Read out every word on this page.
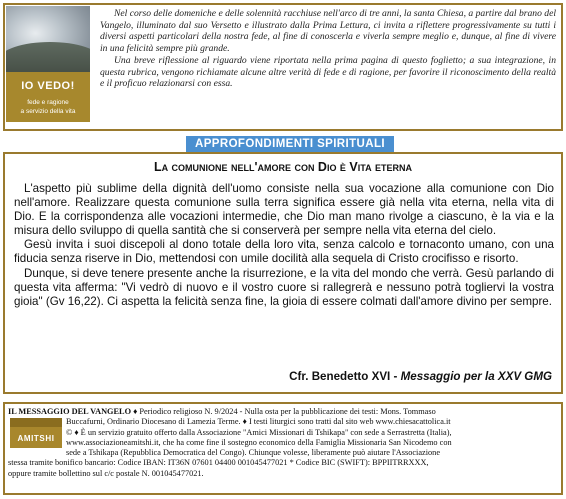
IO VEDO!
fede e ragione
a servizio della vita

Nel corso delle domeniche e delle solennità racchiuse nell'arco di tre anni, la santa Chiesa, a partire dal brano del Vangelo, illuminato dal suo Versetto e illustrato dalla Prima Lettura, ci invita a riflettere progressivamente su tutti i diversi aspetti particolari della nostra fede, al fine di conoscerla e viverla sempre meglio e, dunque, al fine di vivere in una felicità sempre più grande.

Una breve riflessione al riguardo viene riportata nella prima pagina di questo foglietto; a sua integrazione, in questa rubrica, vengono richiamate alcune altre verità di fede e di ragione, per favorire il riconoscimento della realtà e il proficuo relazionarsi con essa.

APPROFONDIMENTI SPIRITUALI
La comunione nell'amore con Dio è Vita eterna

L'aspetto più sublime della dignità dell'uomo consiste nella sua vocazione alla comunione con Dio nell'amore. Realizzare questa comunione sulla terra significa essere già nella vita eterna, nella vita di Dio. E la corrispondenza alle vocazioni intermedie, che Dio man mano rivolge a ciascuno, è la via e la misura dello sviluppo di quella santità che si conserverà per sempre nella vita eterna del cielo.

Gesù invita i suoi discepoli al dono totale della loro vita, senza calcolo e tornaconto umano, con una fiducia senza riserve in Dio, mettendosi con umile docilità alla sequela di Cristo crocifisso e risorto.

Dunque, si deve tenere presente anche la risurrezione, e la vita del mondo che verrà. Gesù parlando di questa vita afferma: "Vi vedrò di nuovo e il vostro cuore si rallegrerà e nessuno potrà togliervi la vostra gioia" (Gv 16,22). Ci aspetta la felicità senza fine, la gioia di essere colmati dall'amore divino per sempre.

Cfr. Benedetto XVI - Messaggio per la XXV GMG
AMITSHI
IL MESSAGGIO DEL VANGELO ♦ Periodico religioso N. 9/2024 - Nulla osta per la pubblicazione dei testi: Mons. Tommaso
Buccafurni, Ordinario Diocesano di Lamezia Terme. ♦ I testi liturgici sono tratti dal sito web www.chiesacattolica.it
© ♦ È un servizio gratuito offerto dalla Associazione "Amici Missionari di Tshikapa" con sede a Serrastretta (Italia),
www.associazioneamitshi.it, che ha come fine il sostegno economico della Famiglia Missionaria San Nicodemo con
sede a Tshikapa (Repubblica Democratica del Congo). Chiunque volesse, liberamente può aiutare l'Associazione
stessa tramite bonifico bancario: Codice IBAN: IT36N 07601 04400 001045477021 * Codice BIC (SWIFT): BPPIITRRXXX,
oppure tramite bollettino sul c/c postale N. 001045477021.
